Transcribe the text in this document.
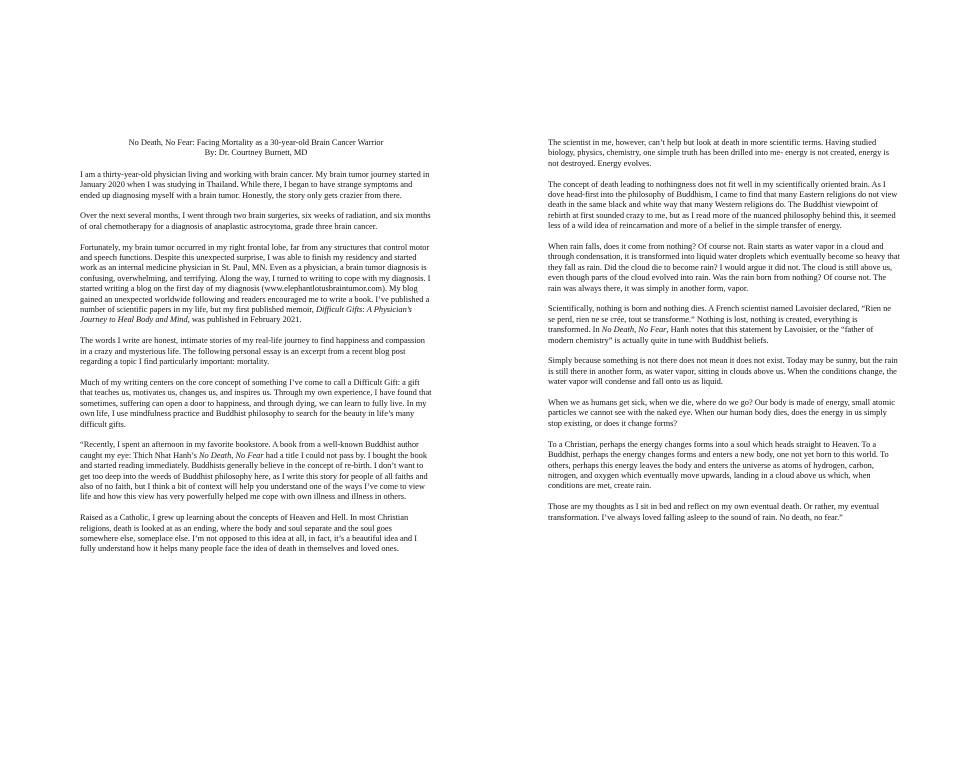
No Death, No Fear: Facing Mortality as a 30-year-old Brain Cancer Warrior
By: Dr. Courtney Burnett, MD

I am a thirty-year-old physician living and working with brain cancer. My brain tumor journey started in January 2020 when I was studying in Thailand. While there, I began to have strange symptoms and ended up diagnosing myself with a brain tumor. Honestly, the story only gets crazier from there.

Over the next several months, I went through two brain surgeries, six weeks of radiation, and six months of oral chemotherapy for a diagnosis of anaplastic astrocytoma, grade three brain cancer.

Fortunately, my brain tumor occurred in my right frontal lobe, far from any structures that control motor and speech functions. Despite this unexpected surprise, I was able to finish my residency and started work as an internal medicine physician in St. Paul, MN. Even as a physician, a brain tumor diagnosis is confusing, overwhelming, and terrifying. Along the way, I turned to writing to cope with my diagnosis. I started writing a blog on the first day of my diagnosis (www.elephantlotusbraintumor.com). My blog gained an unexpected worldwide following and readers encouraged me to write a book. I’ve published a number of scientific papers in my life, but my first published memoir, Difficult Gifts: A Physician’s Journey to Heal Body and Mind, was published in February 2021.

The words I write are honest, intimate stories of my real-life journey to find happiness and compassion in a crazy and mysterious life. The following personal essay is an excerpt from a recent blog post regarding a topic I find particularly important: mortality.

Much of my writing centers on the core concept of something I’ve come to call a Difficult Gift: a gift that teaches us, motivates us, changes us, and inspires us. Through my own experience, I have found that sometimes, suffering can open a door to happiness, and through dying, we can learn to fully live. In my own life, I use mindfulness practice and Buddhist philosophy to search for the beauty in life’s many difficult gifts.

“Recently, I spent an afternoon in my favorite bookstore. A book from a well-known Buddhist author caught my eye: Thich Nhat Hanh’s No Death, No Fear had a title I could not pass by. I bought the book and started reading immediately. Buddhists generally believe in the concept of re-birth. I don’t want to get too deep into the weeds of Buddhist philosophy here, as I write this story for people of all faiths and also of no faith, but I think a bit of context will help you understand one of the ways I’ve come to view life and how this view has very powerfully helped me cope with own illness and illness in others.

Raised as a Catholic, I grew up learning about the concepts of Heaven and Hell. In most Christian religions, death is looked at as an ending, where the body and soul separate and the soul goes somewhere else, someplace else. I’m not opposed to this idea at all, in fact, it’s a beautiful idea and I fully understand how it helps many people face the idea of death in themselves and loved ones.

The scientist in me, however, can’t help but look at death in more scientific terms. Having studied biology, physics, chemistry, one simple truth has been drilled into me- energy is not created, energy is not destroyed. Energy evolves.

The concept of death leading to nothingness does not fit well in my scientifically oriented brain. As I dove head-first into the philosophy of Buddhism, I came to find that many Eastern religions do not view death in the same black and white way that many Western religions do. The Buddhist viewpoint of rebirth at first sounded crazy to me, but as I read more of the nuanced philosophy behind this, it seemed less of a wild idea of reincarnation and more of a belief in the simple transfer of energy.

When rain falls, does it come from nothing? Of course not. Rain starts as water vapor in a cloud and through condensation, it is transformed into liquid water droplets which eventually become so heavy that they fall as rain. Did the cloud die to become rain? I would argue it did not. The cloud is still above us, even though parts of the cloud evolved into rain. Was the rain born from nothing? Of course not. The rain was always there, it was simply in another form, vapor.

Scientifically, nothing is born and nothing dies. A French scientist named Lavoisier declared, “Rien ne se perd, rien ne se crée, tout se transforme.” Nothing is lost, nothing is created, everything is transformed. In No Death, No Fear, Hanh notes that this statement by Lavoisier, or the “father of modern chemistry” is actually quite in tune with Buddhist beliefs.

Simply because something is not there does not mean it does not exist. Today may be sunny, but the rain is still there in another form, as water vapor, sitting in clouds above us. When the conditions change, the water vapor will condense and fall onto us as liquid.

When we as humans get sick, when we die, where do we go? Our body is made of energy, small atomic particles we cannot see with the naked eye. When our human body dies, does the energy in us simply stop existing, or does it change forms?

To a Christian, perhaps the energy changes forms into a soul which heads straight to Heaven. To a Buddhist, perhaps the energy changes forms and enters a new body, one not yet born to this world. To others, perhaps this energy leaves the body and enters the universe as atoms of hydrogen, carbon, nitrogen, and oxygen which eventually move upwards, landing in a cloud above us which, when conditions are met, create rain.

Those are my thoughts as I sit in bed and reflect on my own eventual death. Or rather, my eventual transformation. I’ve always loved falling asleep to the sound of rain. No death, no fear.”
